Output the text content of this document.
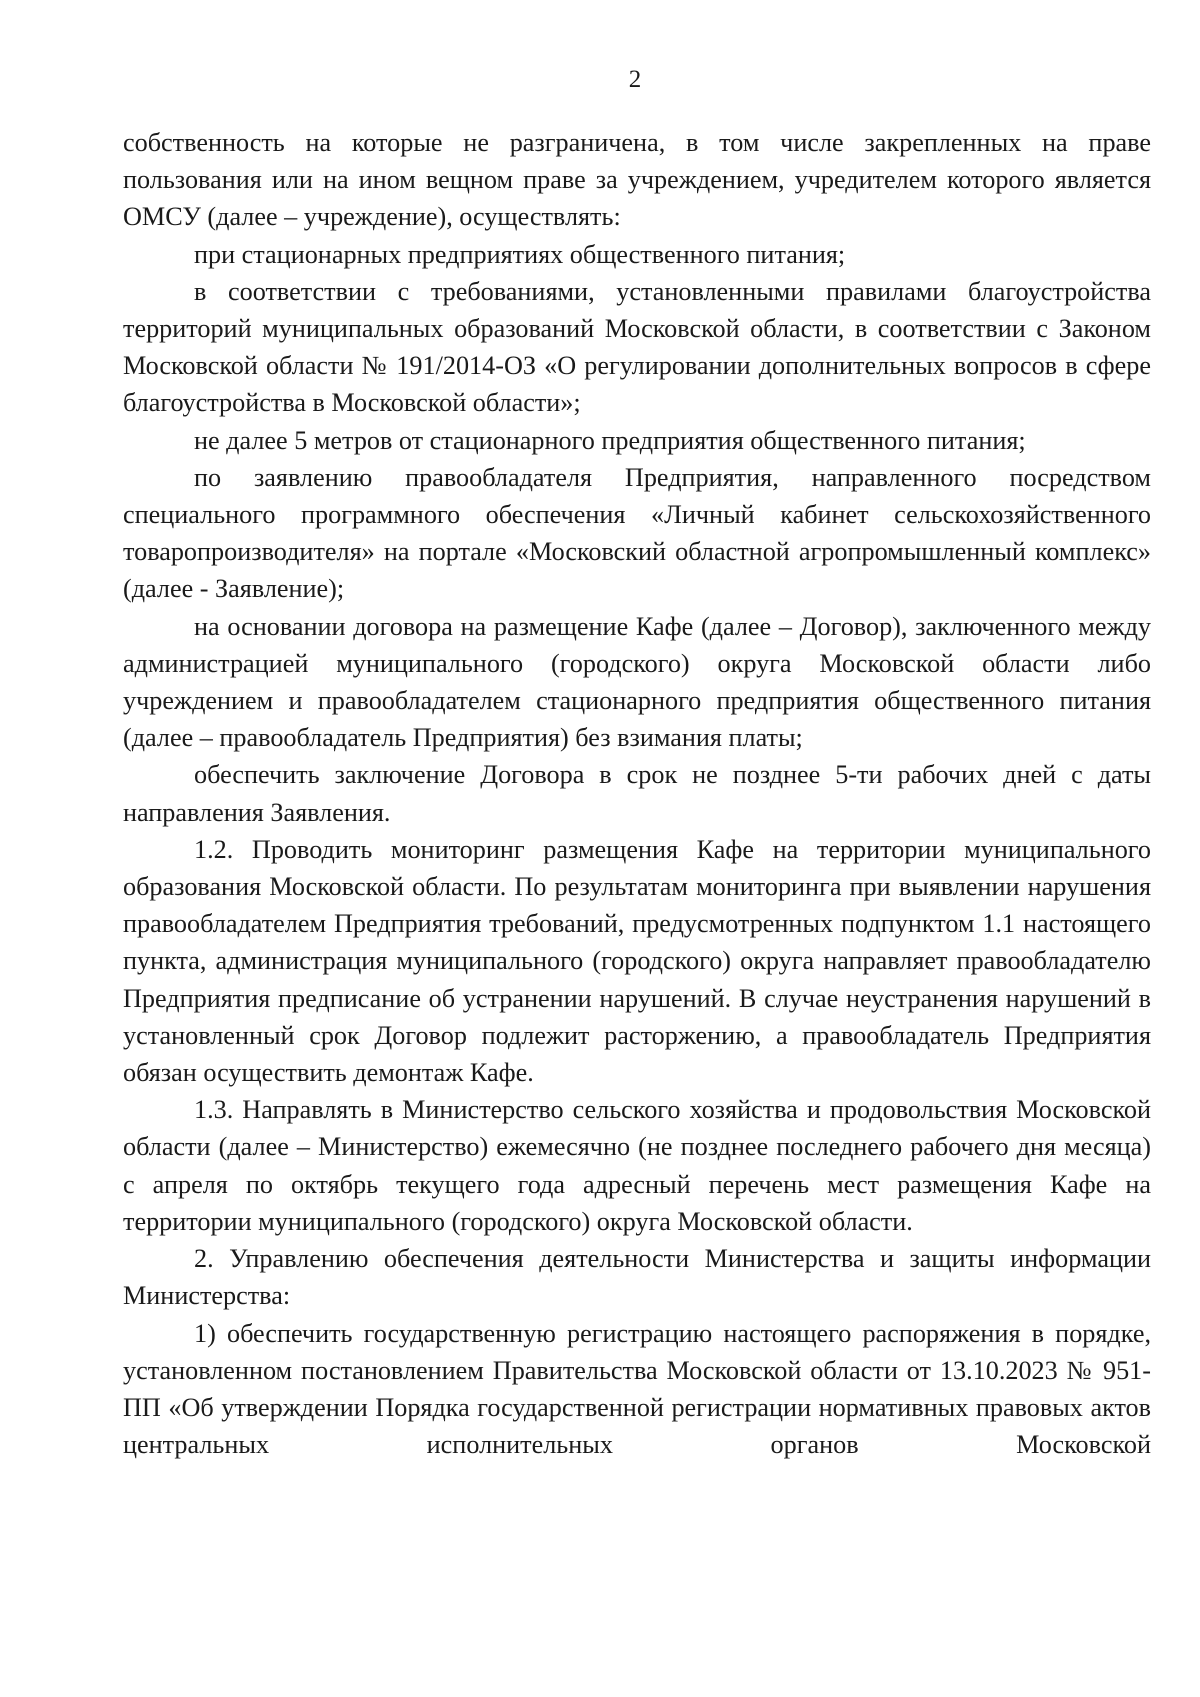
2

собственность на которые не разграничена, в том числе закрепленных на праве пользования или на ином вещном праве за учреждением, учредителем которого является ОМСУ (далее – учреждение), осуществлять:

при стационарных предприятиях общественного питания;

в соответствии с требованиями, установленными правилами благоустройства территорий муниципальных образований Московской области, в соответствии с Законом Московской области № 191/2014-ОЗ «О регулировании дополнительных вопросов в сфере благоустройства в Московской области»;

не далее 5 метров от стационарного предприятия общественного питания;

по заявлению правообладателя Предприятия, направленного посредством специального программного обеспечения «Личный кабинет сельскохозяйственного товаропроизводителя» на портале «Московский областной агропромышленный комплекс» (далее - Заявление);

на основании договора на размещение Кафе (далее – Договор), заключенного между администрацией муниципального (городского) округа Московской области либо учреждением и правообладателем стационарного предприятия общественного питания (далее – правообладатель Предприятия) без взимания платы;

обеспечить заключение Договора в срок не позднее 5-ти рабочих дней с даты направления Заявления.

1.2. Проводить мониторинг размещения Кафе на территории муниципального образования Московской области. По результатам мониторинга при выявлении нарушения правообладателем Предприятия требований, предусмотренных подпунктом 1.1 настоящего пункта, администрация муниципального (городского) округа направляет правообладателю Предприятия предписание об устранении нарушений. В случае неустранения нарушений в установленный срок Договор подлежит расторжению, а правообладатель Предприятия обязан осуществить демонтаж Кафе.

1.3. Направлять в Министерство сельского хозяйства и продовольствия Московской области (далее – Министерство) ежемесячно (не позднее последнего рабочего дня месяца) с апреля по октябрь текущего года адресный перечень мест размещения Кафе на территории муниципального (городского) округа Московской области.

2. Управлению обеспечения деятельности Министерства и защиты информации Министерства:

1) обеспечить государственную регистрацию настоящего распоряжения в порядке, установленном постановлением Правительства Московской области от 13.10.2023 № 951-ПП «Об утверждении Порядка государственной регистрации нормативных правовых актов центральных исполнительных органов Московской
